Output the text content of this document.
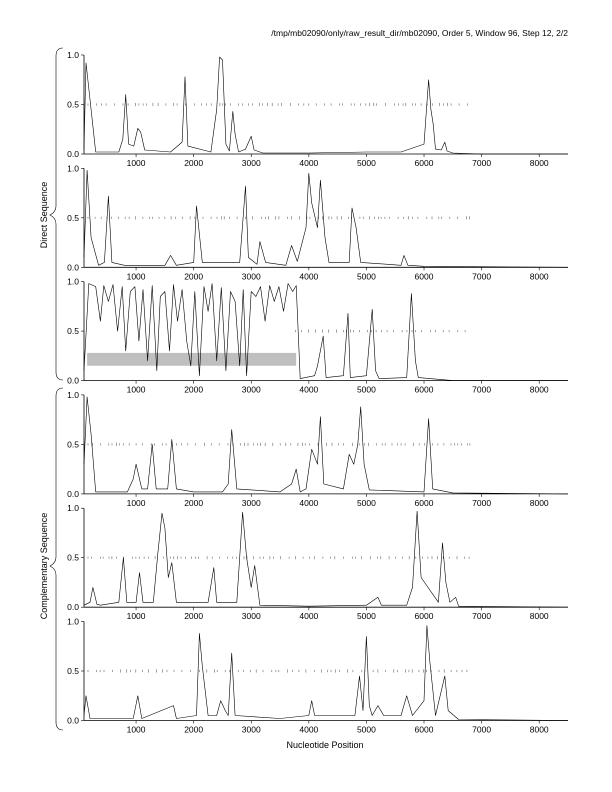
/tmp/mb02090/only/raw_result_dir/mb02090, Order 5, Window 96, Step 12, 2/2
0.0
0.5
1.0
1000	2000	3000	4000	5000	6000	7000	8000
0.0
0.5
1.0
1000	2000	3000	4000	5000	6000	7000	8000
0.0
0.5
1.0
1000	2000	3000	4000	5000	6000	7000	8000
0.0
0.5
1.0
1000	2000	3000	4000	5000	6000	7000	8000
0.0
0.5
1.0
1000	2000	3000	4000	5000	6000	7000	8000
0.0
0.5
1.0
1000	2000	3000	4000	5000	6000	7000	8000
Direct Sequence
Complementary Sequence
Nucleotide Position
